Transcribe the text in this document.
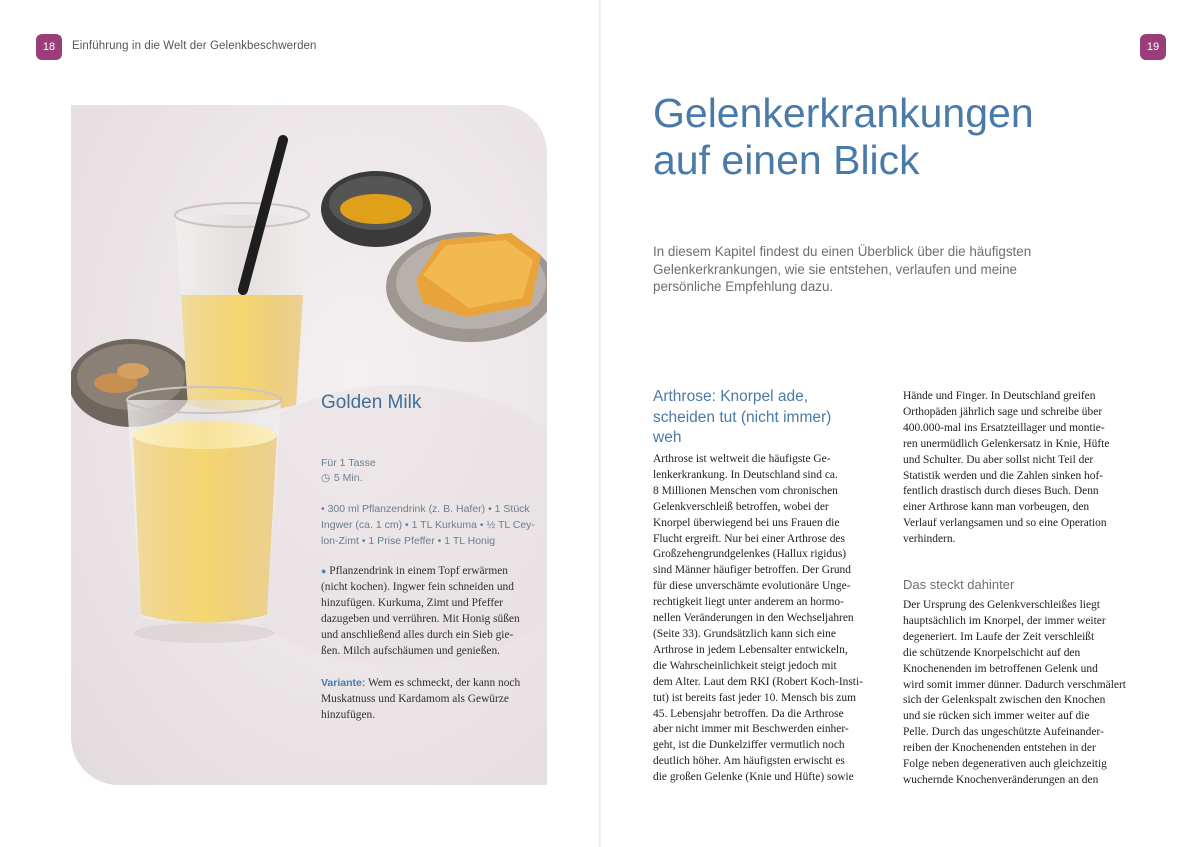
18	Einführung in die Welt der Gelenkbeschwerden	19
Golden Milk
Für 1 Tasse
◷ 5 Min.
• 300 ml Pflanzendrink (z. B. Hafer) • 1 Stück
Ingwer (ca. 1 cm) • 1 TL Kurkuma • ½ TL Cey-
lon-Zimt • 1 Prise Pfeffer • 1 TL Honig
● Pflanzendrink in einem Topf erwärmen
(nicht kochen). Ingwer fein schneiden und
hinzufügen. Kurkuma, Zimt und Pfeffer
dazugeben und verrühren. Mit Honig süßen
und anschließend alles durch ein Sieb gie-
ßen. Milch aufschäumen und genießen.
Variante: Wem es schmeckt, der kann noch
Muskatnuss und Kardamom als Gewürze
hinzufügen.
Gelenkerkrankungen
auf einen Blick
In diesem Kapitel findest du einen Überblick über die häufigsten
Gelenkerkrankungen, wie sie entstehen, verlaufen und meine
persönliche Empfehlung dazu.
Arthrose: Knorpel ade,
scheiden tut (nicht immer)
weh
Arthrose ist weltweit die häufigste Ge-
lenkerkrankung. In Deutschland sind ca.
8 Millionen Menschen vom chronischen
Gelenkverschleiß betroffen, wobei der
Knorpel überwiegend bei uns Frauen die
Flucht ergreift. Nur bei einer Arthrose des
Großzehengrundgelenkes (Hallux rigidus)
sind Männer häufiger betroffen. Der Grund
für diese unverschämte evolutionäre Unge-
rechtigkeit liegt unter anderem an hormo-
nellen Veränderungen in den Wechseljahren
(Seite 33). Grundsätzlich kann sich eine
Arthrose in jedem Lebensalter entwickeln,
die Wahrscheinlichkeit steigt jedoch mit
dem Alter. Laut dem RKI (Robert Koch-Insti-
tut) ist bereits fast jeder 10. Mensch bis zum
45. Lebensjahr betroffen. Da die Arthrose
aber nicht immer mit Beschwerden einher-
geht, ist die Dunkelziffer vermutlich noch
deutlich höher. Am häufigsten erwischt es
die großen Gelenke (Knie und Hüfte) sowie
Hände und Finger. In Deutschland greifen
Orthopäden jährlich sage und schreibe über
400.000-mal ins Ersatzteillager und montie-
ren unermüdlich Gelenkersatz in Knie, Hüfte
und Schulter. Du aber sollst nicht Teil der
Statistik werden und die Zahlen sinken hof-
fentlich drastisch durch dieses Buch. Denn
einer Arthrose kann man vorbeugen, den
Verlauf verlangsamen und so eine Operation
verhindern.
Das steckt dahinter
Der Ursprung des Gelenkverschleißes liegt
hauptsächlich im Knorpel, der immer weiter
degeneriert. Im Laufe der Zeit verschleißt
die schützende Knorpelschicht auf den
Knochenenden im betroffenen Gelenk und
wird somit immer dünner. Dadurch verschmälert
sich der Gelenkspalt zwischen den Knochen
und sie rücken sich immer weiter auf die
Pelle. Durch das ungeschützte Aufeinander-
reiben der Knochenenden entstehen in der
Folge neben degenerativen auch gleichzeitig
wuchernde Knochenveränderungen an den
